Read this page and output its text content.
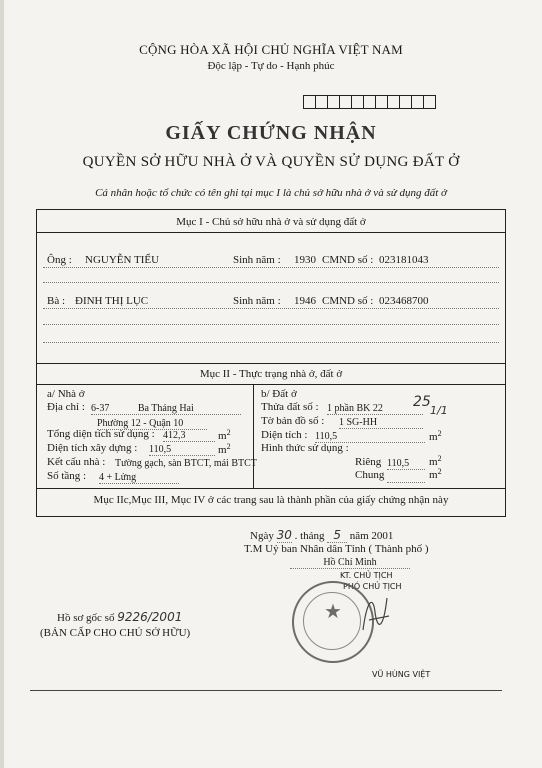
CỘNG HÒA XÃ HỘI CHỦ NGHĨA VIỆT NAM
Độc lập - Tự do - Hạnh phúc
GIẤY CHỨNG NHẬN
QUYỀN SỞ HỮU NHÀ Ở VÀ QUYỀN SỬ DỤNG ĐẤT Ở
Cá nhân hoặc tổ chức có tên ghi tại mục I là chủ sở hữu nhà ở và sử dụng đất ở
Mục I - Chủ sở hữu nhà ở và sử dụng đất ở
Ông : NGUYỄN TIỂU	Sinh năm : 1930 CMND số : 023181043
Bà : ĐINH THỊ LỤC	Sinh năm : 1946 CMND số : 023468700
Mục II - Thực trạng nhà ở, đất ở
a/ Nhà ở
Địa chỉ : 6-37	Ba Tháng Hai
Phường 12 - Quận 10
Tổng diện tích sử dụng : 412,3	$m^2$
Diện tích xây dựng : 110,5	$m^2$
Kết cấu nhà : Tường gạch, sàn BTCT, mái BTCT
Số tầng : 4 + Lửng
b/ Đất ở
Thửa đất số : 1 phần BK 22	25
1/1
Tờ bản đồ số : 1 SG-HH
Diện tích : 110,5	$m^2$
Hình thức sử dụng :
Riêng 110,5	$m^2$
Chung	$m^2$
Mục IIc,Mục III, Mục IV ở các trang sau là thành phần của giấy chứng nhận này
Ngày 30 . tháng 5 năm 2001
T.M Uỷ ban Nhân dân Tỉnh ( Thành phố )
Hồ Chí Minh
KT. CHỦ TỊCH
PHÓ CHỦ TỊCH
★
VŨ HÙNG VIỆT
Hồ sơ gốc số 9226/2001
(BẢN CẤP CHO CHỦ SỞ HỮU)
